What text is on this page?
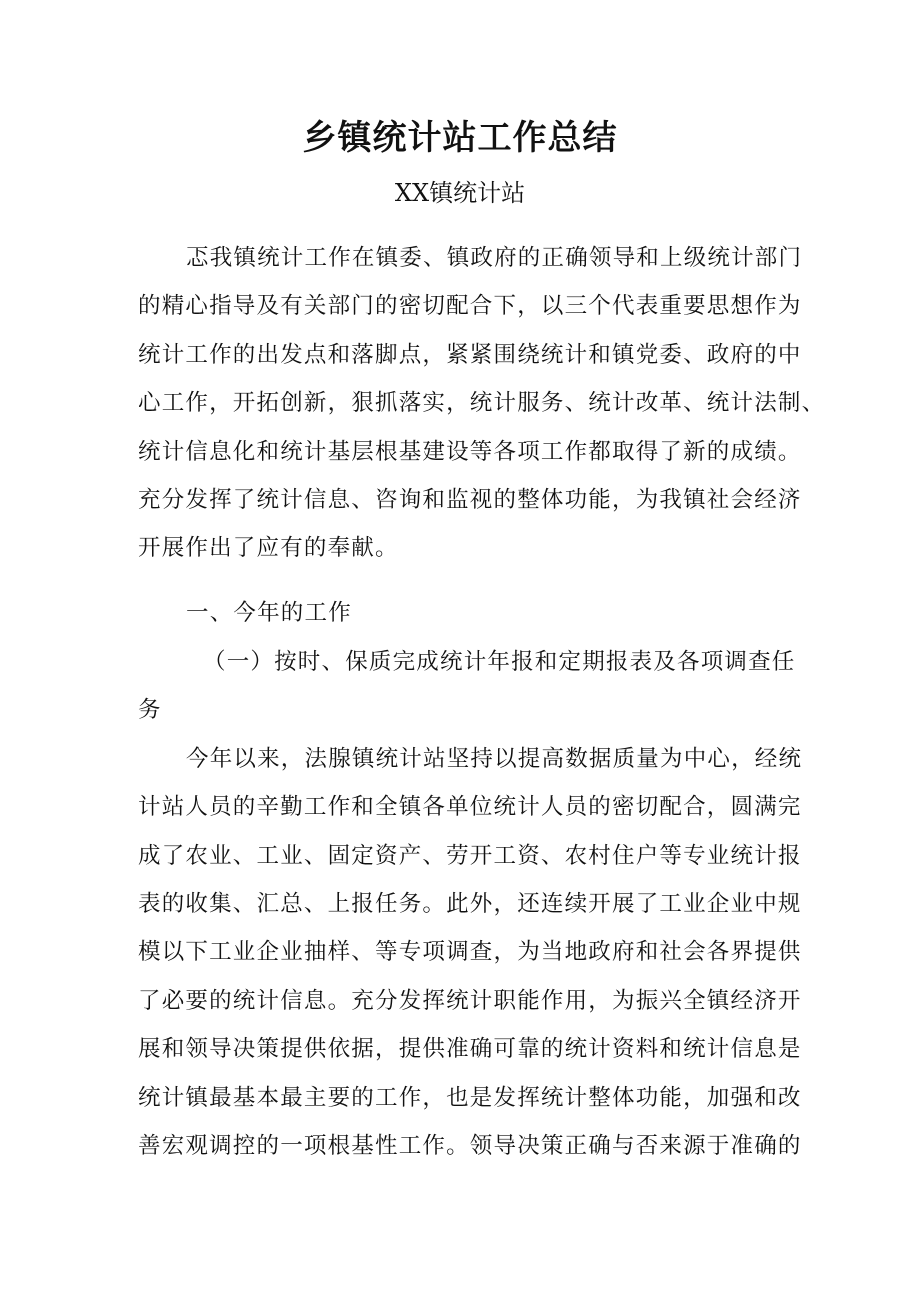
乡镇统计站工作总结
XX镇统计站
忑我镇统计工作在镇委、镇政府的正确领导和上级统计部门
的精心指导及有关部门的密切配合下，以三个代表重要思想作为
统计工作的出发点和落脚点，紧紧围绕统计和镇党委、政府的中
心工作，开拓创新，狠抓落实，统计服务、统计改革、统计法制、
统计信息化和统计基层根基建设等各项工作都取得了新的成绩。
充分发挥了统计信息、咨询和监视的整体功能，为我镇社会经济
开展作出了应有的奉献。
一、今年的工作
（一）按时、保质完成统计年报和定期报表及各项调查任
务
今年以来，法腺镇统计站坚持以提高数据质量为中心，经统
计站人员的辛勤工作和全镇各单位统计人员的密切配合，圆满完
成了农业、工业、固定资产、劳开工资、农村住户等专业统计报
表的收集、汇总、上报任务。此外，还连续开展了工业企业中规
模以下工业企业抽样、等专项调查，为当地政府和社会各界提供
了必要的统计信息。充分发挥统计职能作用，为振兴全镇经济开
展和领导决策提供依据，提供准确可靠的统计资料和统计信息是
统计镇最基本最主要的工作，也是发挥统计整体功能，加强和改
善宏观调控的一项根基性工作。领导决策正确与否来源于准确的
